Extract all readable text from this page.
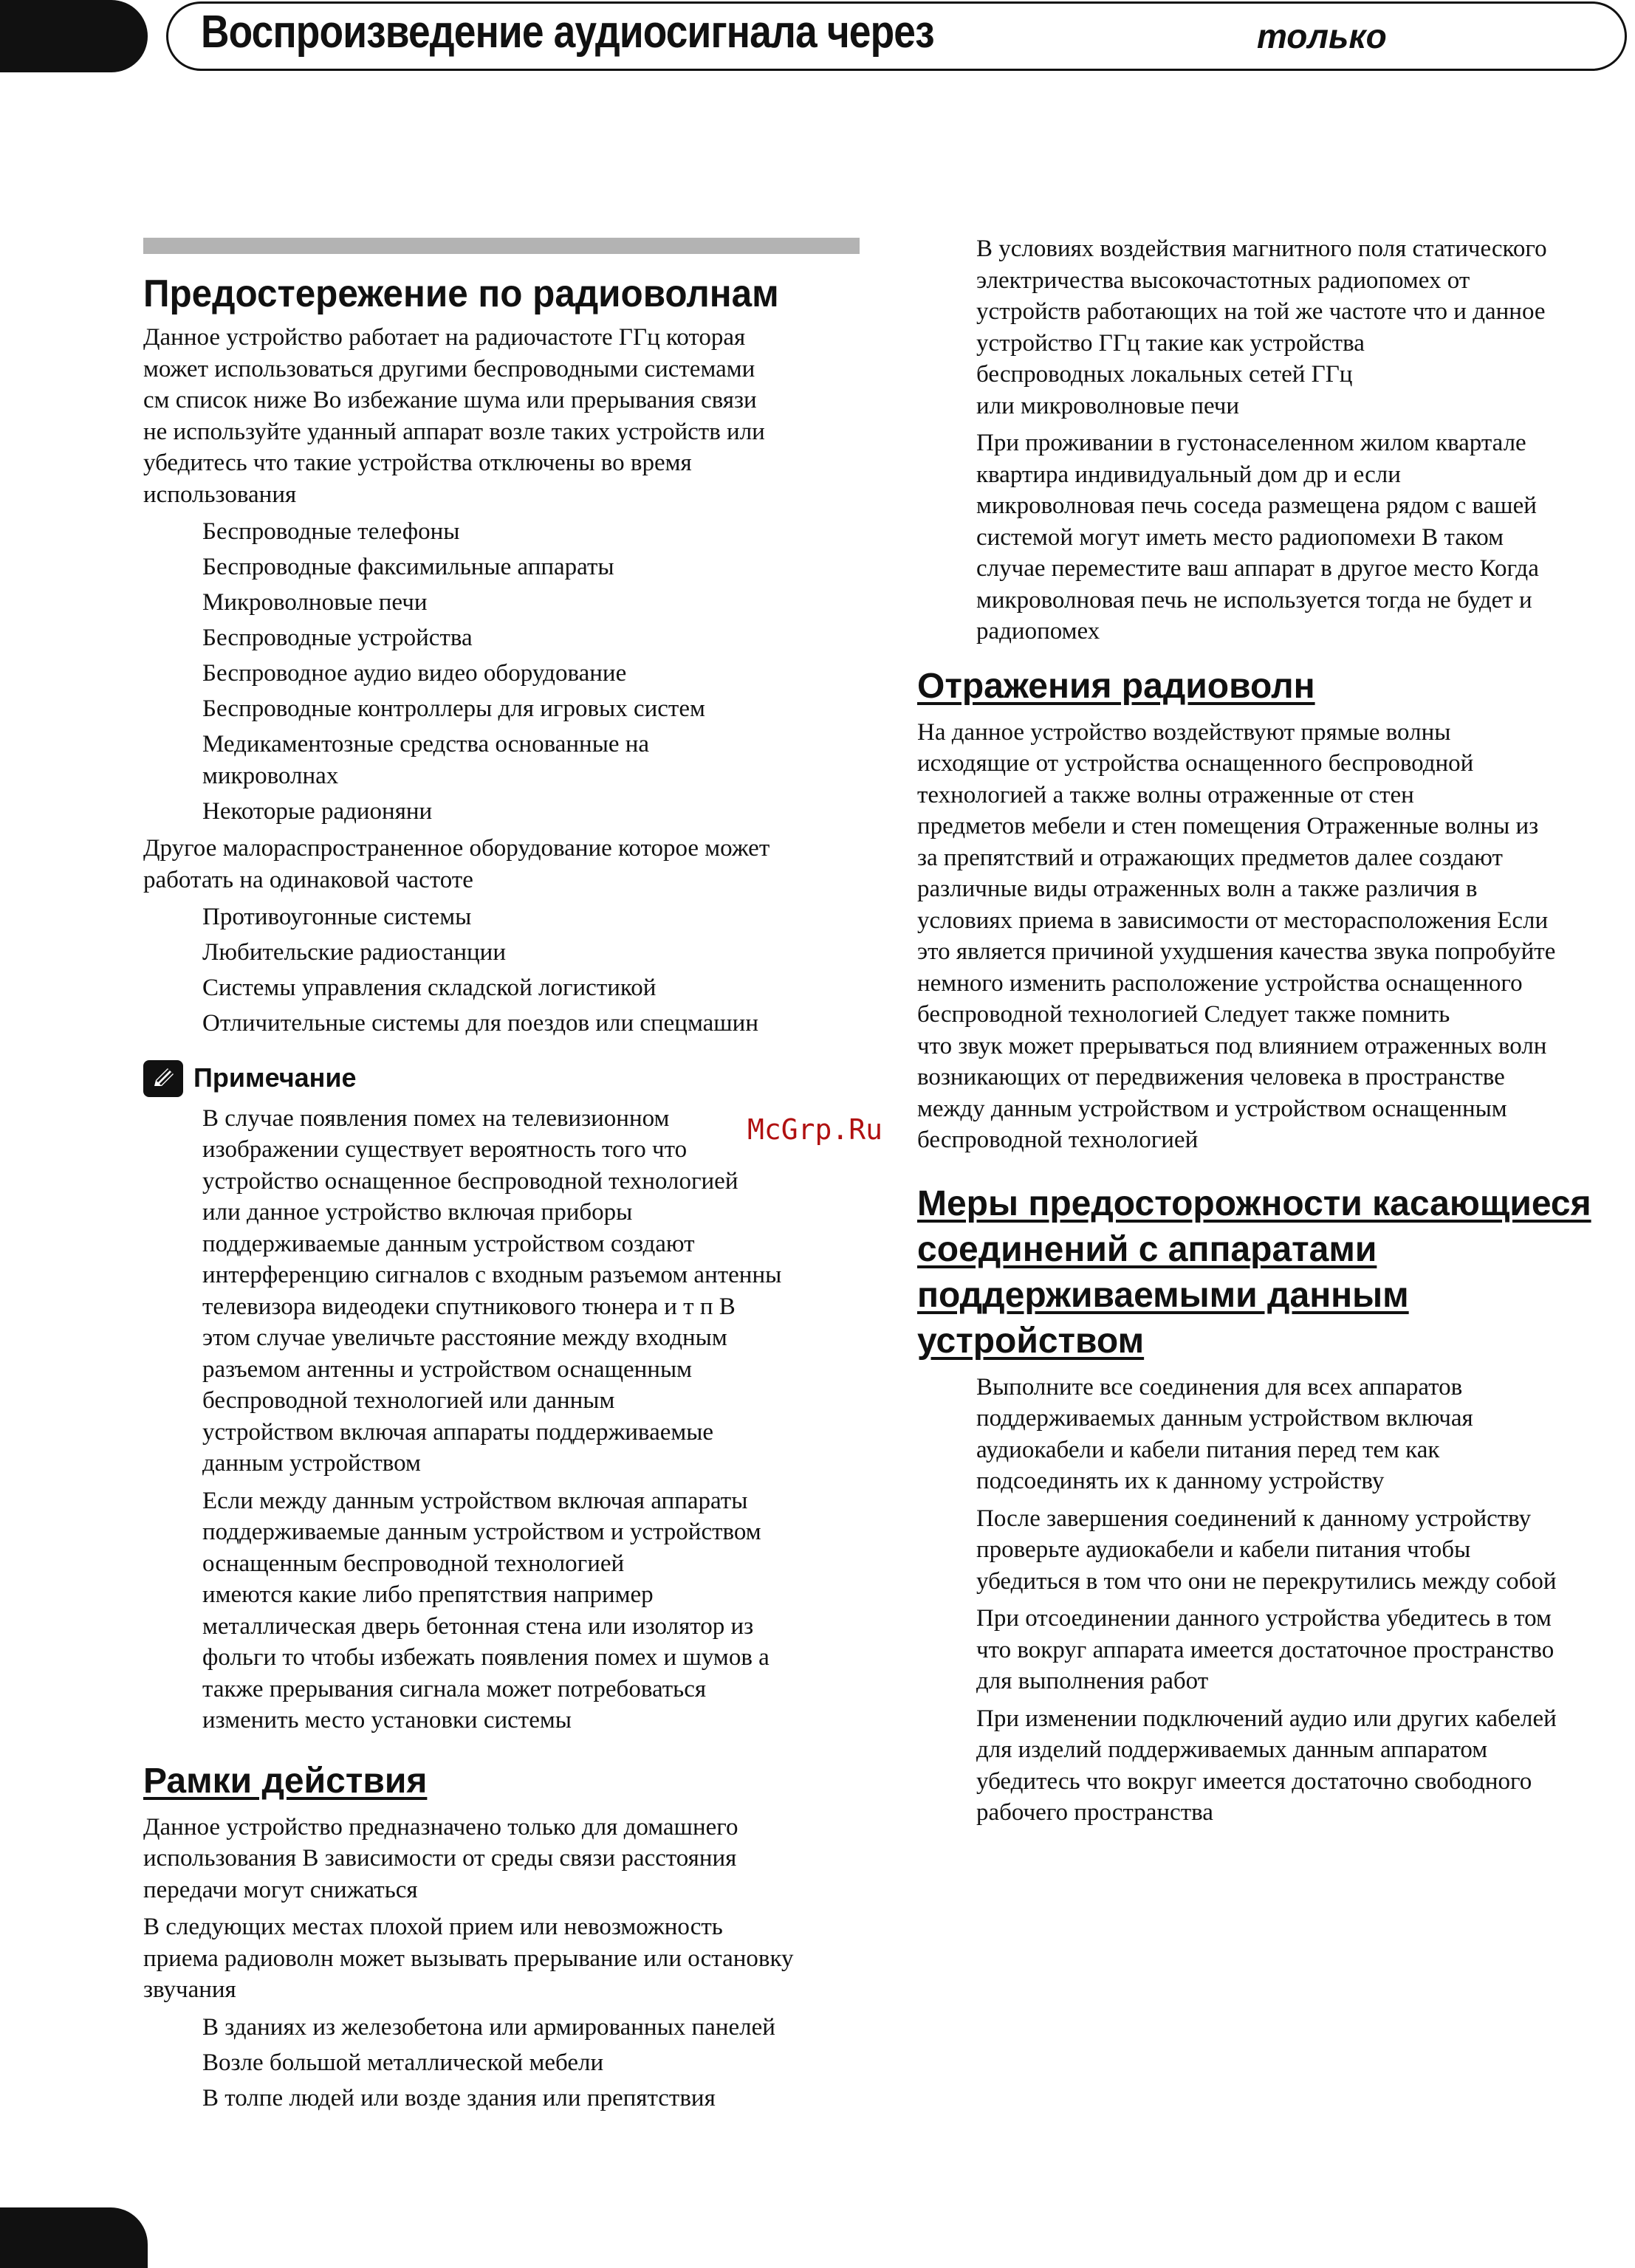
Воспроизведение аудиосигнала через	только
McGrp.Ru
Предостережение по радиоволнам

Данное устройство работает на радиочастоте ГГц которая
может использоваться другими беспроводными системами
см список ниже Во избежание шума или прерывания связи
не используйте уданный аппарат возле таких устройств или
убедитесь что такие устройства отключены во время
использования

Беспроводные телефоны
Беспроводные факсимильные аппараты
Микроволновые печи
Беспроводные устройства
Беспроводное аудио видео оборудование
Беспроводные контроллеры для игровых систем
Медикаментозные средства основанные на
микроволнах
Некоторые радионяни

Другое малораспространенное оборудование которое может
работать на одинаковой частоте

Противоугонные системы
Любительские радиостанции
Системы управления складской логистикой
Отличительные системы для поездов или спецмашин
Примечание

В случае появления помех на телевизионном
изображении существует вероятность того что
устройство оснащенное беспроводной технологией
или данное устройство включая приборы
поддерживаемые данным устройством создают
интерференцию сигналов с входным разъемом антенны
телевизора видеодеки спутникового тюнера и т п В
этом случае увеличьте расстояние между входным
разъемом антенны и устройством оснащенным
беспроводной технологией или данным
устройством включая аппараты поддерживаемые
данным устройством

Если между данным устройством включая аппараты
поддерживаемые данным устройством и устройством
оснащенным беспроводной технологией
имеются какие либо препятствия например
металлическая дверь бетонная стена или изолятор из
фольги то чтобы избежать появления помех и шумов а
также прерывания сигнала может потребоваться
изменить место установки системы

Рамки действия

Данное устройство предназначено только для домашнего
использования В зависимости от среды связи расстояния
передачи могут снижаться

В следующих местах плохой прием или невозможность
приема радиоволн может вызывать прерывание или остановку
звучания

В зданиях из железобетона или армированных панелей
Возле большой металлической мебели
В толпе людей или возде здания или препятствия

В условиях воздействия магнитного поля статического
электричества высокочастотных радиопомех от
устройств работающих на той же частоте что и данное
устройство ГГц такие как устройства
беспроводных локальных сетей ГГц
или микроволновые печи

При проживании в густонаселенном жилом квартале
квартира индивидуальный дом др и если
микроволновая печь соседа размещена рядом с вашей
системой могут иметь место радиопомехи В таком
случае переместите ваш аппарат в другое место Когда
микроволновая печь не используется тогда не будет и
радиопомех

Отражения радиоволн

На данное устройство воздействуют прямые волны
исходящие от устройства оснащенного беспроводной
технологией а также волны отраженные от стен
предметов мебели и стен помещения Отраженные волны из
за препятствий и отражающих предметов далее создают
различные виды отраженных волн а также различия в
условиях приема в зависимости от месторасположения Если
это является причиной ухудшения качества звука попробуйте
немного изменить расположение устройства оснащенного
беспроводной технологией Следует также помнить
что звук может прерываться под влиянием отраженных волн
возникающих от передвижения человека в пространстве
между данным устройством и устройством оснащенным
беспроводной технологией

Меры предосторожности касающиеся
соединений с аппаратами
поддерживаемыми данным
устройством

Выполните все соединения для всех аппаратов
поддерживаемых данным устройством включая
аудиокабели и кабели питания перед тем как
подсоединять их к данному устройству

После завершения соединений к данному устройству
проверьте аудиокабели и кабели питания чтобы
убедиться в том что они не перекрутились между собой

При отсоединении данного устройства убедитесь в том
что вокруг аппарата имеется достаточное пространство
для выполнения работ

При изменении подключений аудио или других кабелей
для изделий поддерживаемых данным аппаратом
убедитесь что вокруг имеется достаточно свободного
рабочего пространства
